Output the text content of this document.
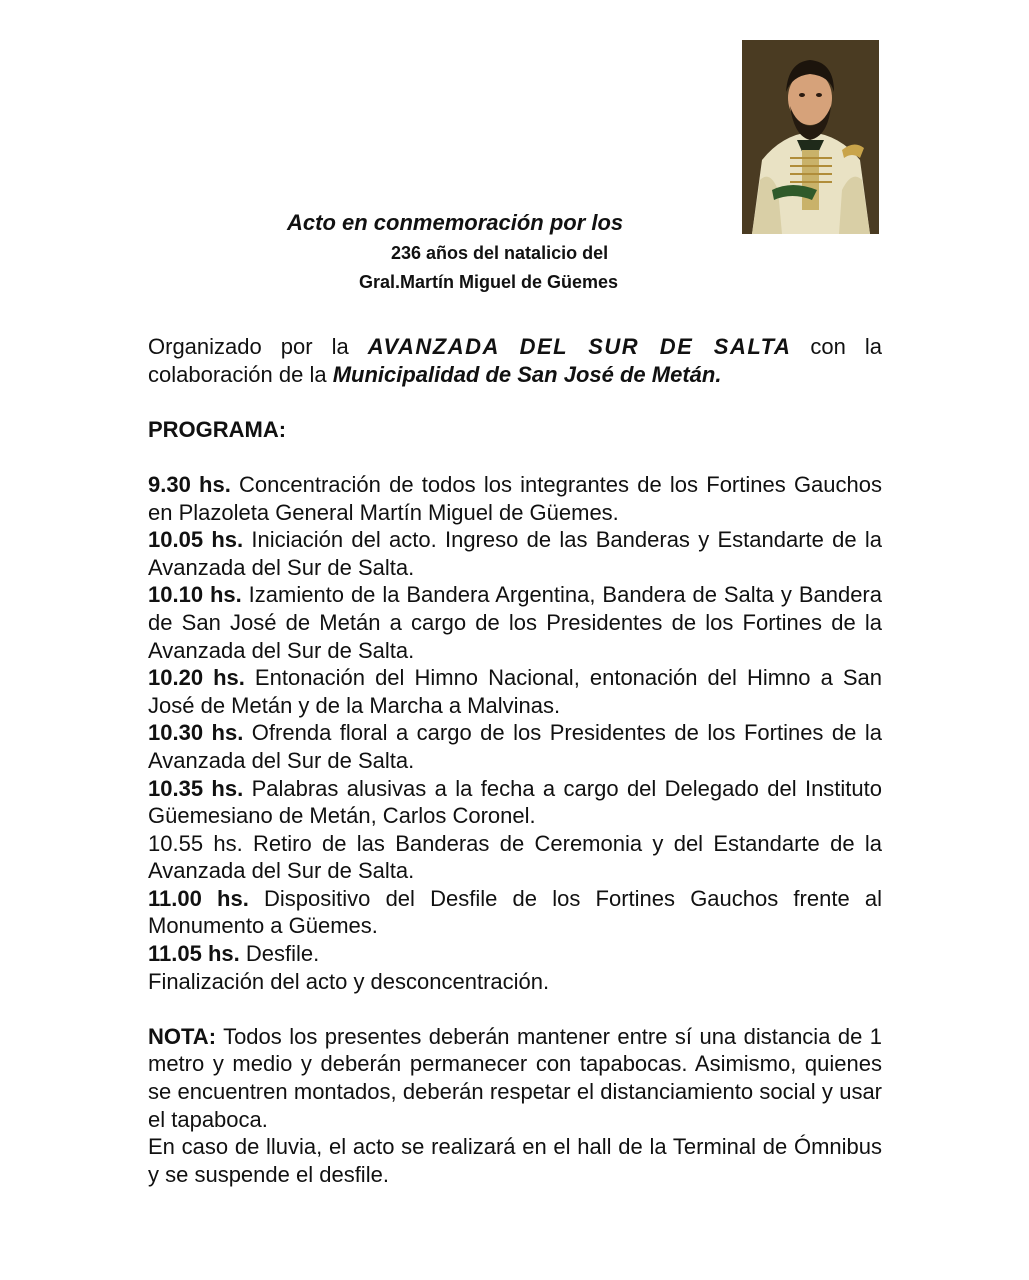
Acto en conmemoración por los
236 años del natalicio del
Gral.Martín Miguel de Güemes

Organizado por la AVANZADA DEL SUR DE SALTA con la colaboración de la Municipalidad de San José de Metán.

PROGRAMA:

9.30 hs. Concentración de todos los integrantes de los Fortines Gauchos en Plazoleta General Martín Miguel de Güemes.

10.05 hs. Iniciación del acto. Ingreso de las Banderas y Estandarte de la Avanzada del Sur de Salta.

10.10 hs. Izamiento de la Bandera Argentina, Bandera de Salta y Bandera de San José de Metán a cargo de los Presidentes de los Fortines de la Avanzada del Sur de Salta.

10.20 hs. Entonación del Himno Nacional, entonación del Himno a San José de Metán y de la Marcha a Malvinas.

10.30 hs. Ofrenda floral a cargo de los Presidentes de los Fortines de la Avanzada del Sur de Salta.

10.35 hs. Palabras alusivas a la fecha a cargo del Delegado del Instituto Güemesiano de Metán, Carlos Coronel.

10.55 hs. Retiro de las Banderas de Ceremonia y del Estandarte de la Avanzada del Sur de Salta.

11.00 hs. Dispositivo del Desfile de los Fortines Gauchos frente al Monumento a Güemes.

11.05 hs. Desfile.

Finalización del acto y desconcentración.

NOTA: Todos los presentes deberán mantener entre sí una distancia de 1 metro y medio y deberán permanecer con tapabocas. Asimismo, quienes se encuentren montados, deberán respetar el distanciamiento social y usar el tapaboca.

En caso de lluvia, el acto se realizará en el hall de la Terminal de Ómnibus y se suspende el desfile.
